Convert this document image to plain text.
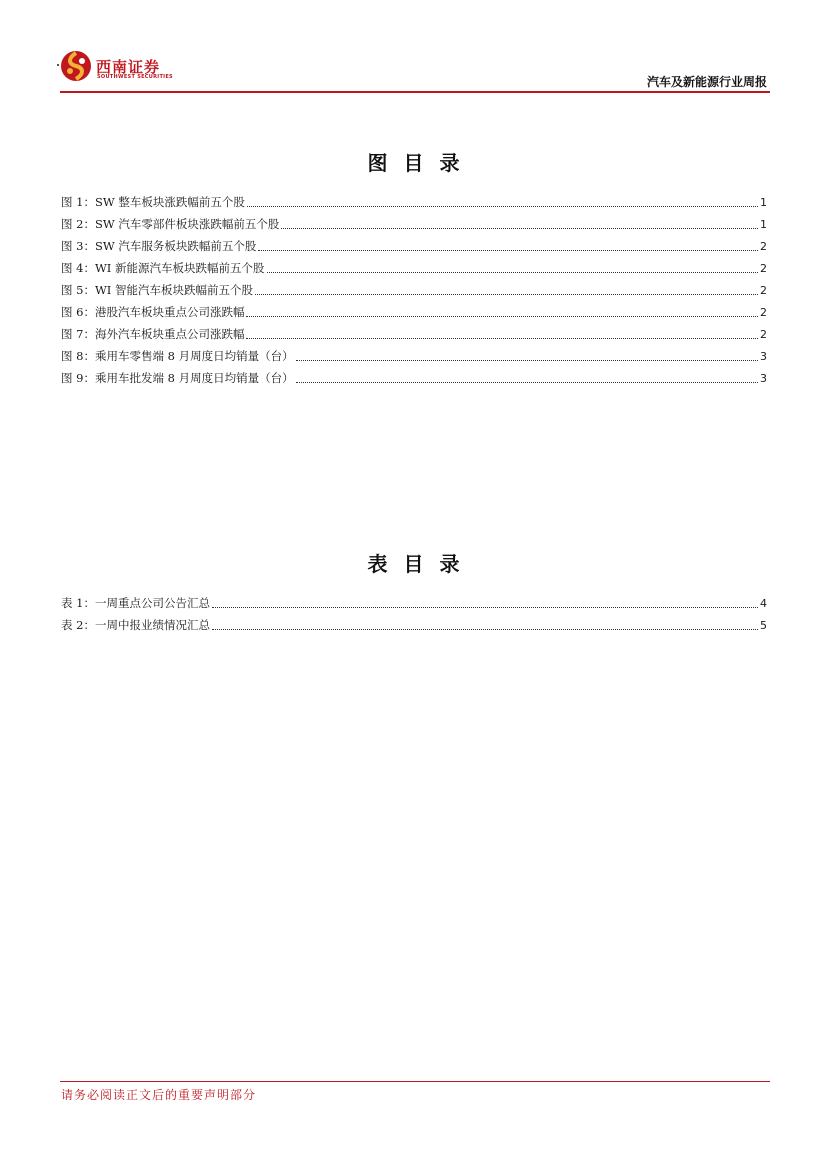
西南证券
SOUTHWEST SECURITIES	汽车及新能源行业周报
图目录
图 1：SW 整车板块涨跌幅前五个股	1
图 2：SW 汽车零部件板块涨跌幅前五个股	1
图 3：SW 汽车服务板块跌幅前五个股	2
图 4：WI 新能源汽车板块跌幅前五个股	2
图 5：WI 智能汽车板块跌幅前五个股	2
图 6：港股汽车板块重点公司涨跌幅	2
图 7：海外汽车板块重点公司涨跌幅	2
图 8：乘用车零售端 8 月周度日均销量（台）	3
图 9：乘用车批发端 8 月周度日均销量（台）	3
表目录
表 1：一周重点公司公告汇总	4
表 2：一周中报业绩情况汇总	5
请务必阅读正文后的重要声明部分
